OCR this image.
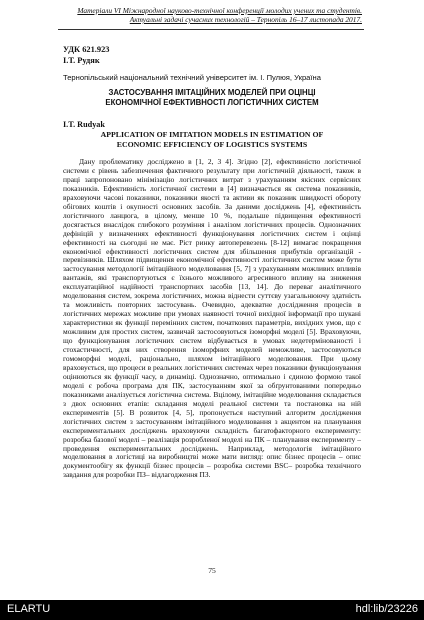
Матеріали VI Міжнародної науково-технічної конференції молодих учених та студентів.
Актуальні задачі сучасних технологій – Тернопіль 16–17 листопада 2017.
УДК 621.923
І.Т. Рудяк
Тернопільський національний технічний університет ім. І. Пулюя, Україна
ЗАСТОСУВАННЯ ІМІТАЦІЙНИХ МОДЕЛЕЙ ПРИ ОЦІНЦІ
ЕКОНОМІЧНОЇ ЕФЕКТИВНОСТІ ЛОГІСТИЧНИХ СИСТЕМ
I.T. Rudyak
APPLICATION OF IMITATION MODELS IN ESTIMATION OF
ECONOMIC EFFICIENCY OF LOGISTICS SYSTEMS

Дану проблематику досліджено в [1, 2, 3 4]. Згідно [2], ефективністю логістичної системи є рівень забезпечення фактичного результату при логістичній діяльності, також в праці запропоновано мінімізацію логістичних витрат з урахуванням якісних сервісних показників. Ефективність логістичної системи в [4] визначається як система показників, враховуючи часові показники, показники якості та активи як показник швидкості обороту обігових коштів і окупності основних засобів. За даними досліджень [4], ефективність логістичного ланцюга, в цілому, менше 10 %, подальше підвищення ефективності досягається внаслідок глибокого розуміння і аналізом логістичних процесів. Однозначних дефініцій у визначеннях ефективності функціонування логістичних систем і оцінці ефективності на сьогодні не має. Ріст ринку автоперевезень [8-12] вимагає покращення економічної ефективності логістичних систем для збільшення прибутків організацій - перевізників. Шляхом підвищення економічної ефективності логістичних систем може бути застосування методології імітаційного моделювання [5, 7] з урахуванням можливих впливів вантажів, які транспортуються є їхнього можливого агресивного впливу на зниження експлуатаційної надійності транспортних засобів [13, 14]. До переваг аналітичного моделювання систем, зокрема логістичних, можна віднести суттєву узагальнюючу здатність та можливість повторних застосувань. Очевидно, адекватне дослідження процесів в логістичних мережах можливе при умовах наявності точної вихідної інформації про шукані характеристики як функції перемінних систем, початкових параметрів, вихідних умов, що є можливим для простих систем, зазвичай застосовуються ізоморфні моделі [5]. Враховуючи, що функціонування логістичних систем відбувається в умовах недетермінованості і стохастичності, для них створення ізоморфних моделей неможливе, застосовуються гомоморфні моделі, раціонально, шляхом імітаційного моделювання. При цьому враховується, що процеси в реальних логістичних системах через показники функціонування оцінюються як функції часу, в динаміці. Однозначно, оптимально і єдиною формою такої моделі є робоча програма для ПК, застосуванням якої за обґрунтованими попередньо показниками аналізується логістична система. Вцілому, імітаційне моделювання складається з двох основних етапів: складання моделі реальної системи та постановка на ній експериментів [5]. В розвиток [4, 5], пропонується наступний алгоритм дослідження логістичних систем з застосуванням імітаційного моделювання з акцентом на планування експериментальних досліджень враховуючи складність багатофакторного експерименту: розробка базової моделі – реалізація розробленої моделі на ПК – планування експерименту – проведення експериментальних досліджень. Наприклад, методологія імітаційного моделювання в логістиці на виробництві може мати вигляд: опис бізнес процесів – опис документообігу як функції бізнес процесів – розробка системи BSC– розробка технічного завдання для розробки ПЗ– відлагодження ПЗ.

75
ELARTU	hdl:lib/23226
